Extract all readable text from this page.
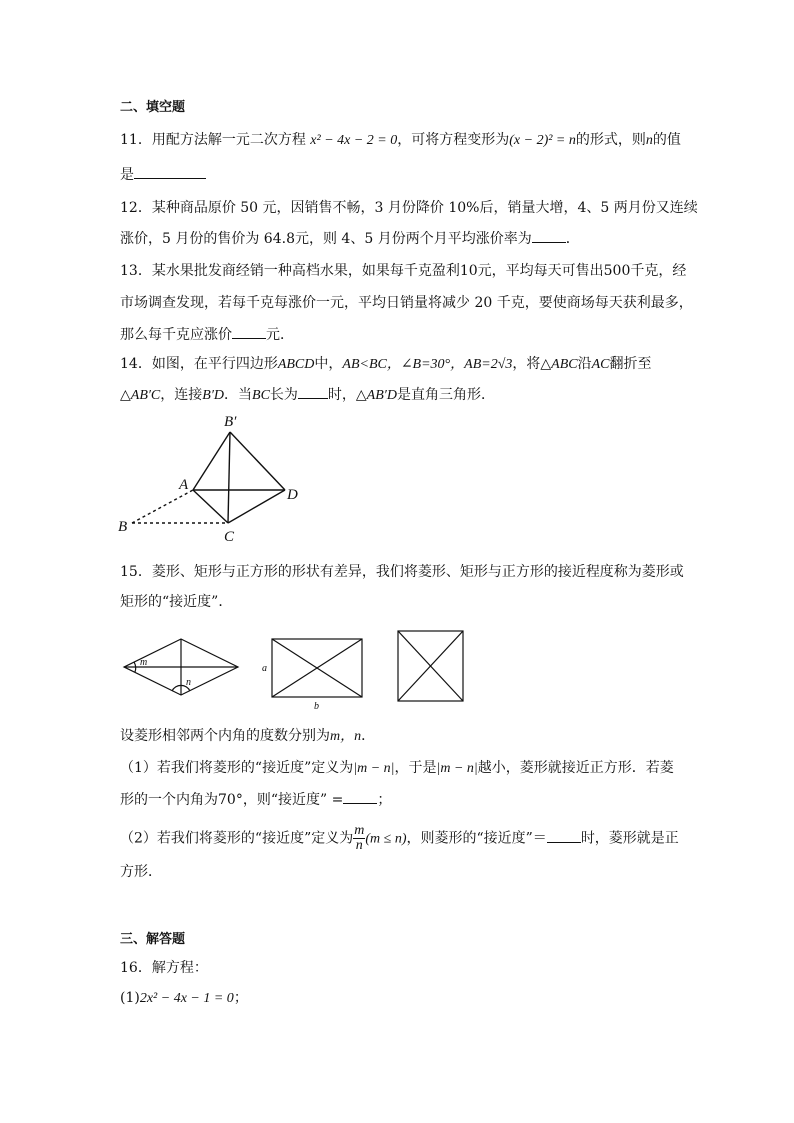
二、填空题
11．用配方法解一元二次方程 x² − 4x − 2 = 0，可将方程变形为(x − 2)² = n的形式，则n的值
是
12．某种商品原价 50 元，因销售不畅，3 月份降价 10%后，销量大增，4、5 两月份又连续
涨价，5 月份的售价为 64.8元，则 4、5 月份两个月平均涨价率为 ．
13．某水果批发商经销一种高档水果，如果每千克盈利10元，平均每天可售出500千克，经
市场调查发现，若每千克每涨价一元，平均日销量将减少 20 千克，要使商场每天获利最多，
那么每千克应涨价 元．
14．如图，在平行四边形ABCD中，AB<BC，∠B=30°，AB=2√3，将△ABC沿AC翻折至
△AB′C，连接B′D．当BC长为 时，△AB′D是直角三角形．
B′
A
D
B
C
15．菱形、矩形与正方形的形状有差异，我们将菱形、矩形与正方形的接近程度称为菱形或
矩形的“接近度”．
m
n
a
b
设菱形相邻两个内角的度数分别为m，n．
（1）若我们将菱形的“接近度”定义为|m − n|，于是|m − n|越小，菱形就接近正方形．若菱
形的一个内角为70°，则“接近度” = ；
（2）若我们将菱形的“接近度”定义为 $\frac{m}{n} (m \le n)$，则菱形的“接近度”＝ 时，菱形就是正
方形．
三、解答题
16．解方程：
(1)2x² − 4x − 1 = 0；
